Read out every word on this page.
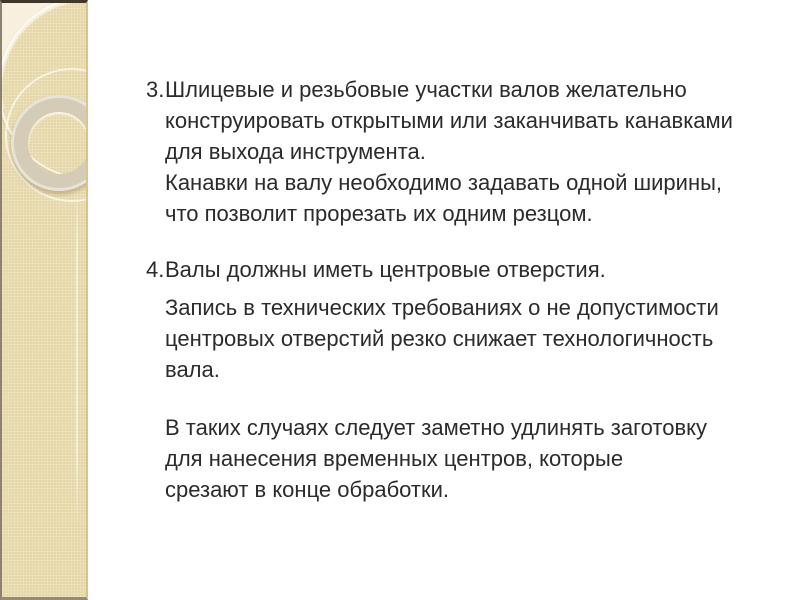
3.Шлицевые и резьбовые участки валов желательно
конструировать открытыми или заканчивать канавками
для выхода инструмента.
Канавки на валу необходимо задавать одной ширины,
что позволит прорезать их одним резцом.
4.Валы должны иметь центровые отверстия.
Запись в технических требованиях о не допустимости
центровых отверстий резко снижает технологичность
вала.
В таких случаях следует заметно удлинять заготовку
для нанесения временных центров, которые
срезают в конце обработки.
